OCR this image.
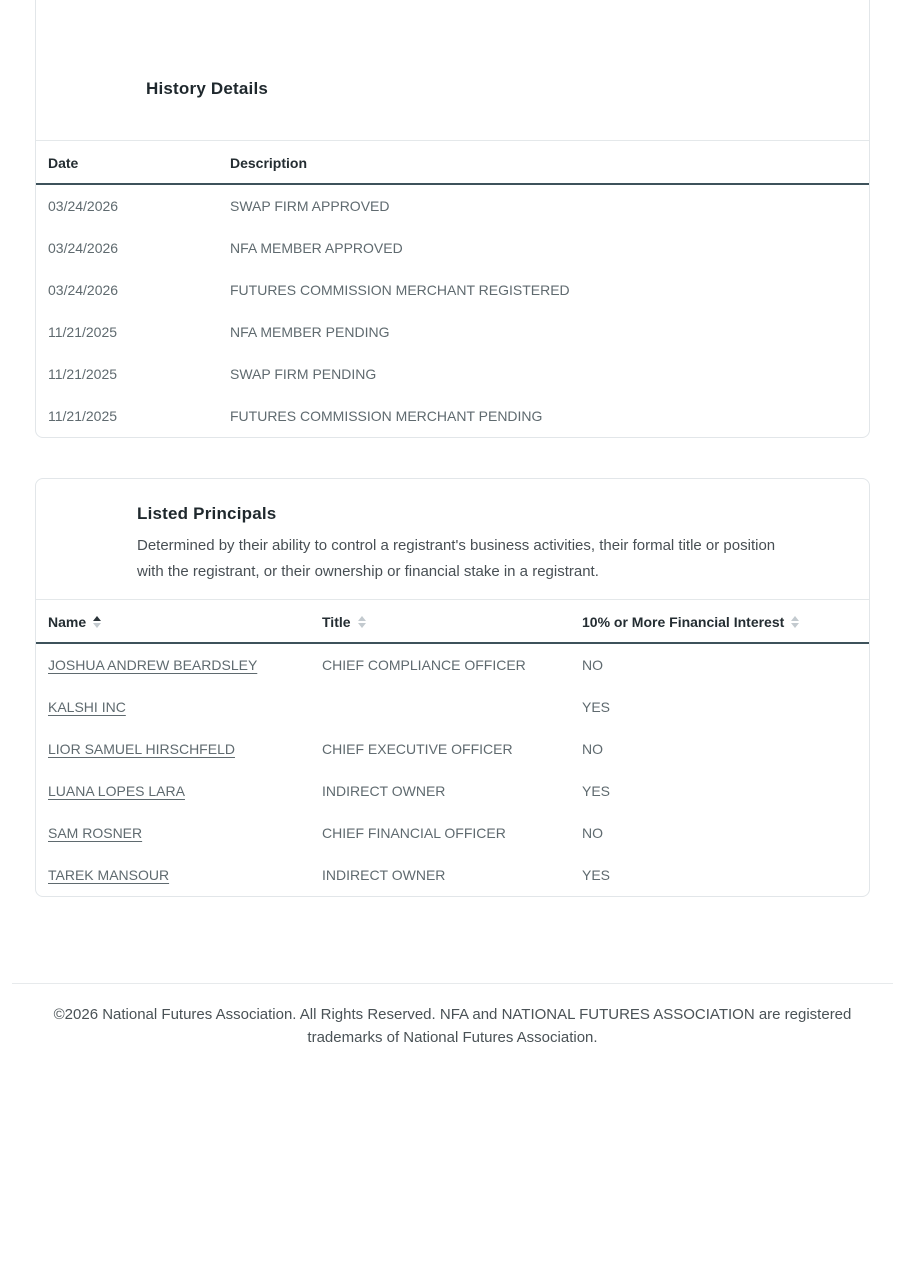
History Details
Date	Description
03/24/2026	SWAP FIRM APPROVED
03/24/2026	NFA MEMBER APPROVED
03/24/2026	FUTURES COMMISSION MERCHANT REGISTERED
11/21/2025	NFA MEMBER PENDING
11/21/2025	SWAP FIRM PENDING
11/21/2025	FUTURES COMMISSION MERCHANT PENDING
Listed Principals

Determined by their ability to control a registrant's business activities, their formal title or position with the registrant, or their ownership or financial stake in a registrant.

Name	Title	10% or More Financial Interest

JOSHUA ANDREW BEARDSLEY	CHIEF COMPLIANCE OFFICER	NO
KALSHI INC		YES
LIOR SAMUEL HIRSCHFELD	CHIEF EXECUTIVE OFFICER	NO
LUANA LOPES LARA	INDIRECT OWNER	YES
SAM ROSNER	CHIEF FINANCIAL OFFICER	NO
TAREK MANSOUR	INDIRECT OWNER	YES

©2026 National Futures Association. All Rights Reserved. NFA and NATIONAL FUTURES ASSOCIATION are registered trademarks of National Futures Association.
